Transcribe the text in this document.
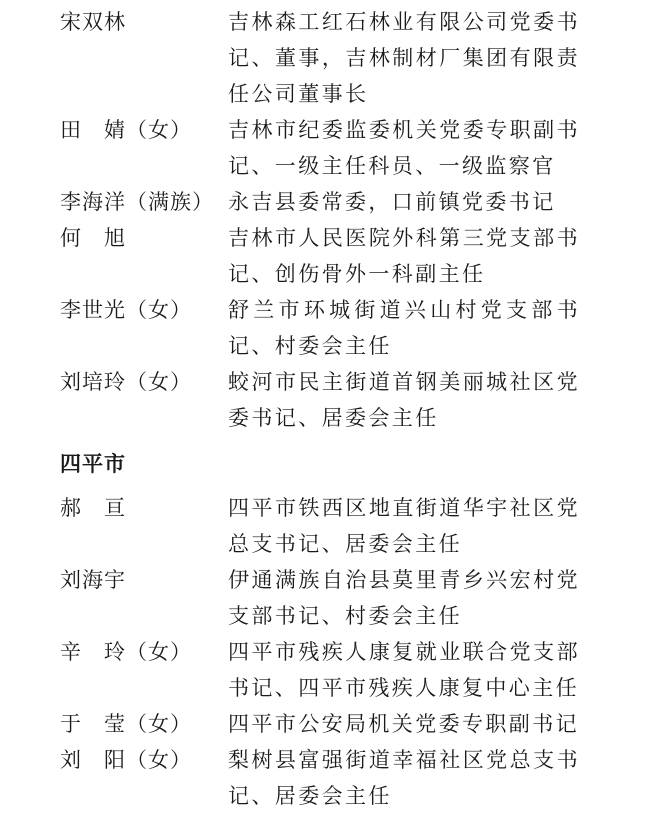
宋双林	吉林森工红石林业有限公司党委书记、董事，吉林制材厂集团有限责任公司董事长
田　婧（女）	吉林市纪委监委机关党委专职副书记、一级主任科员、一级监察官
李海洋（满族） 永吉县委常委，口前镇党委书记
何　旭	吉林市人民医院外科第三党支部书记、创伤骨外一科副主任
李世光（女）	舒兰市环城街道兴山村党支部书记、村委会主任
刘培玲（女）	蛟河市民主街道首钢美丽城社区党委书记、居委会主任
四平市
郝　亘	四平市铁西区地直街道华宇社区党总支书记、居委会主任
刘海宇	伊通满族自治县莫里青乡兴宏村党支部书记、村委会主任
辛　玲（女）	四平市残疾人康复就业联合党支部书记、四平市残疾人康复中心主任
于　莹（女）	四平市公安局机关党委专职副书记
刘　阳（女）	梨树县富强街道幸福社区党总支书记、居委会主任
